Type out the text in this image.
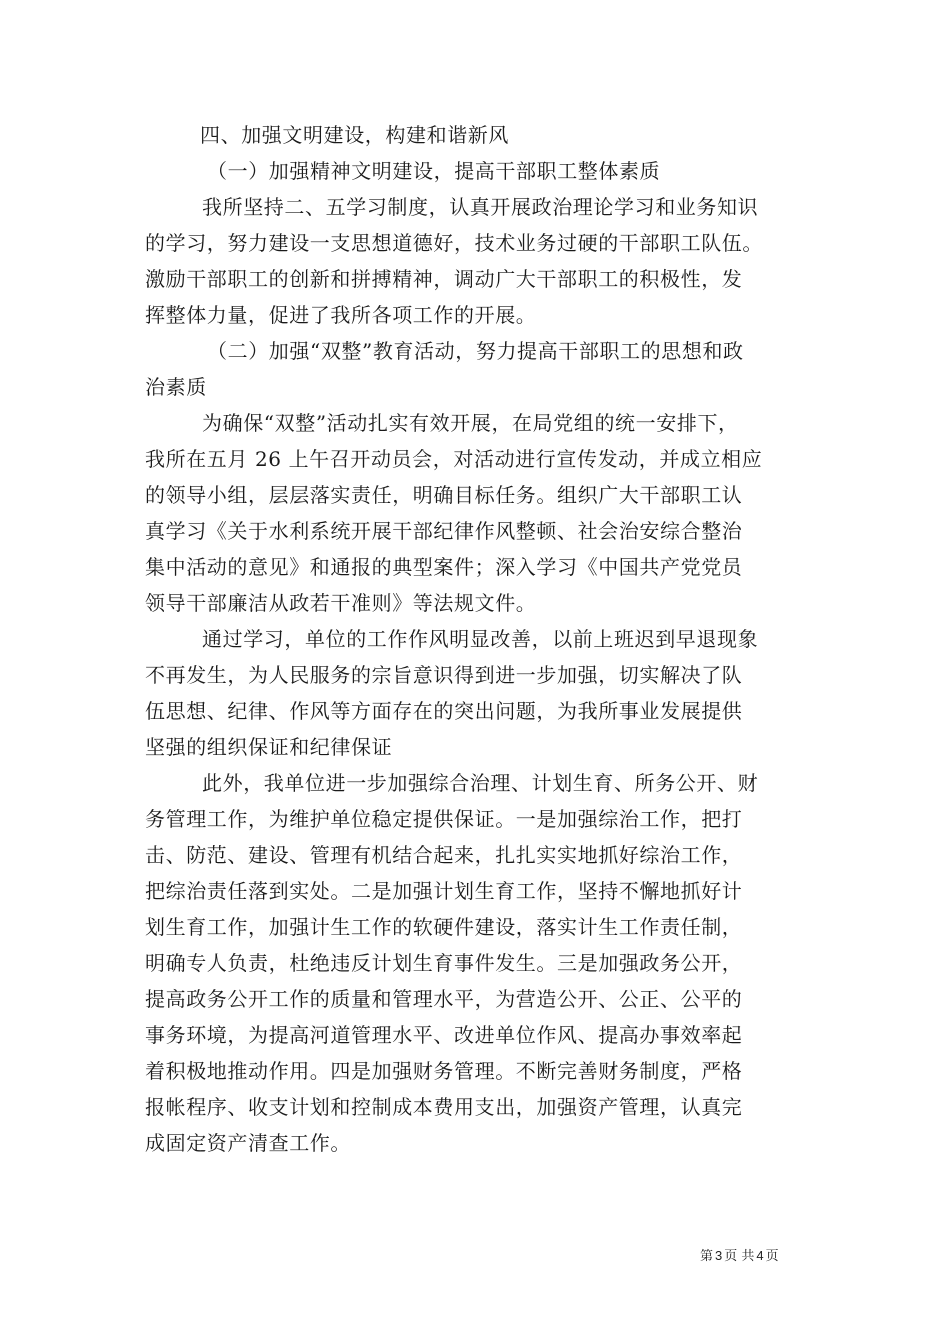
四、加强文明建设，构建和谐新风
（一）加强精神文明建设，提高干部职工整体素质
我所坚持二、五学习制度，认真开展政治理论学习和业务知识
的学习，努力建设一支思想道德好，技术业务过硬的干部职工队伍。
激励干部职工的创新和拼搏精神，调动广大干部职工的积极性，发
挥整体力量，促进了我所各项工作的开展。
（二）加强“双整”教育活动，努力提高干部职工的思想和政
治素质
为确保“双整”活动扎实有效开展，在局党组的统一安排下，
我所在五月 26 上午召开动员会，对活动进行宣传发动，并成立相应
的领导小组，层层落实责任，明确目标任务。组织广大干部职工认
真学习《关于水利系统开展干部纪律作风整顿、社会治安综合整治
集中活动的意见》和通报的典型案件；深入学习《中国共产党党员
领导干部廉洁从政若干准则》等法规文件。
通过学习，单位的工作作风明显改善，以前上班迟到早退现象
不再发生，为人民服务的宗旨意识得到进一步加强，切实解决了队
伍思想、纪律、作风等方面存在的突出问题，为我所事业发展提供
坚强的组织保证和纪律保证
此外，我单位进一步加强综合治理、计划生育、所务公开、财
务管理工作，为维护单位稳定提供保证。一是加强综治工作，把打
击、防范、建设、管理有机结合起来，扎扎实实地抓好综治工作，
把综治责任落到实处。二是加强计划生育工作，坚持不懈地抓好计
划生育工作，加强计生工作的软硬件建设，落实计生工作责任制，
明确专人负责，杜绝违反计划生育事件发生。三是加强政务公开，
提高政务公开工作的质量和管理水平，为营造公开、公正、公平的
事务环境，为提高河道管理水平、改进单位作风、提高办事效率起
着积极地推动作用。四是加强财务管理。不断完善财务制度，严格
报帐程序、收支计划和控制成本费用支出，加强资产管理，认真完
成固定资产清查工作。
第 3 页 共 4 页
